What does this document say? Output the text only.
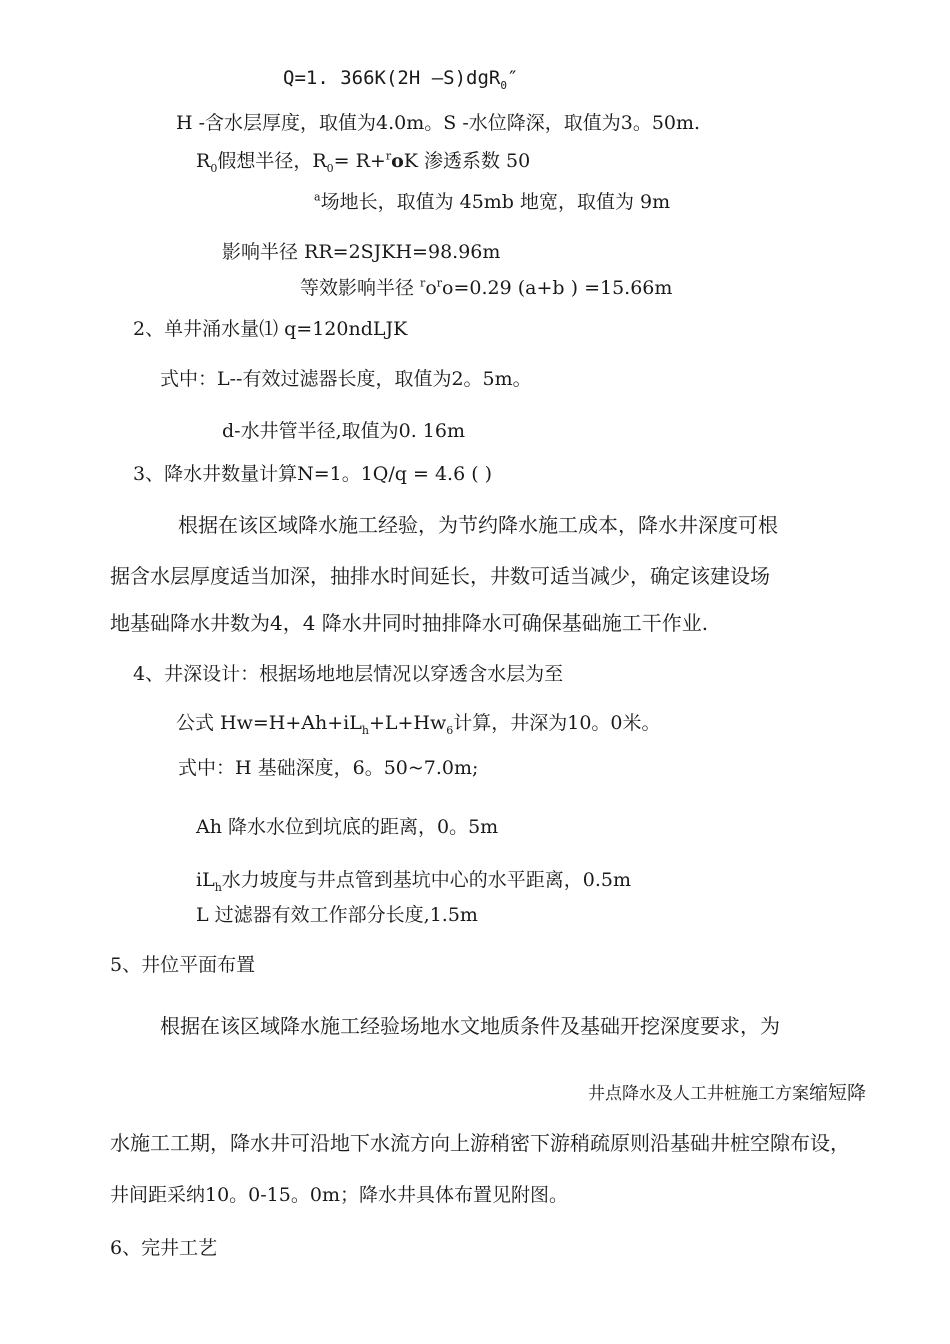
Q=1. 366K(2H —S)dgR$_0$″
H -含水层厚度，取值为4.0m。S -水位降深，取值为3。50m.
$R_0$假想半径，$R_0= R+^roK$ 渗透系数 50
$^a$场地长，取值为 45mb 地宽，取值为 9m
影响半径 RR=2SJKH=98.96m
等效影响半径 $^ro^ro=0.29$ (a+b ) =15.66m
2、单井涌水量⑴ q=120ndLJK
式中：L--有效过滤器长度，取值为2。5m。
d-水井管半径,取值为0. 16m
3、降水井数量计算N=1。1Q/q = 4.6 ( )
根据在该区域降水施工经验，为节约降水施工成本，降水井深度可根
据含水层厚度适当加深，抽排水时间延长，井数可适当减少，确定该建设场
地基础降水井数为4，4 降水井同时抽排降水可确保基础施工干作业.
4、井深设计：根据场地地层情况以穿透含水层为至
公式 $Hw=H+Ah+iL_h+L+Hw_6$计算，井深为10。0米。
式中：H 基础深度，6。50~7.0m;
Ah 降水水位到坑底的距离，0。5m
$iL_h$水力坡度与井点管到基坑中心的水平距离，0.5m
L 过滤器有效工作部分长度,1.5m
5、井位平面布置
根据在该区域降水施工经验场地水文地质条件及基础开挖深度要求，为
井点降水及人工井桩施工方案缩短降
水施工工期，降水井可沿地下水流方向上游稍密下游稍疏原则沿基础井桩空隙布设，
井间距采纳10。0-15。0m；降水井具体布置见附图。
6、完井工艺
